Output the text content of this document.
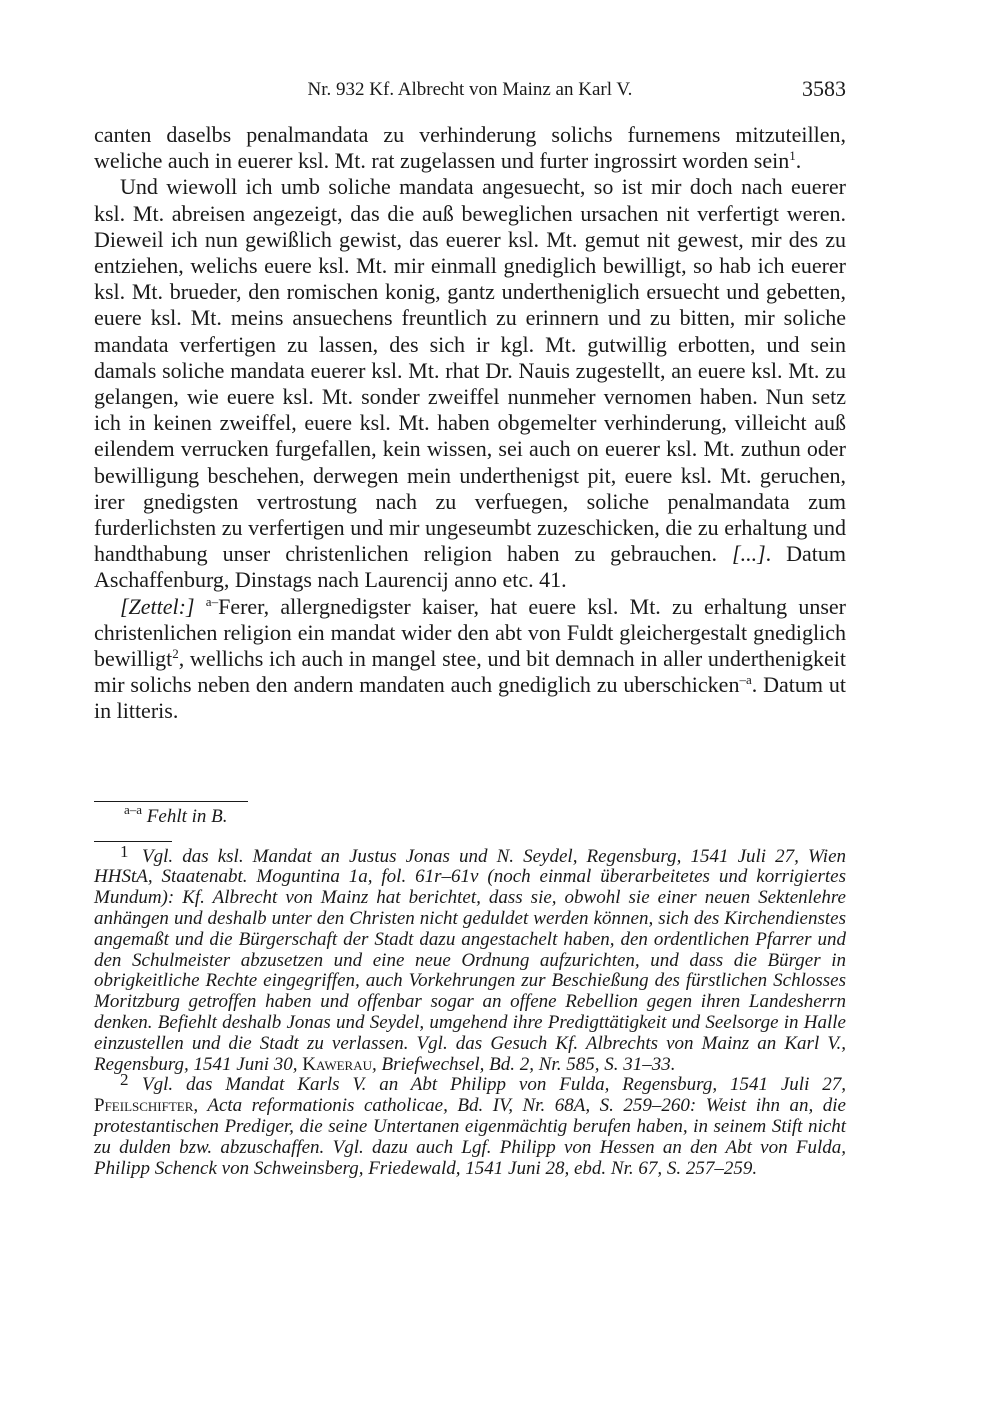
Nr. 932 Kf. Albrecht von Mainz an Karl V.	3583

canten daselbs penalmandata zu verhinderung solichs furnemens mitzuteillen, weliche auch in euerer ksl. Mt. rat zugelassen und furter ingrossirt worden sein$^1$.

Und wiewoll ich umb soliche mandata angesuecht, so ist mir doch nach euerer ksl. Mt. abreisen angezeigt, das die auß beweglichen ursachen nit verfertigt weren. Dieweil ich nun gewißlich gewist, das euerer ksl. Mt. gemut nit gewest, mir des zu entziehen, welichs euere ksl. Mt. mir einmall gnediglich bewilligt, so hab ich euerer ksl. Mt. brueder, den romischen konig, gantz undertheniglich ersuecht und gebetten, euere ksl. Mt. meins ansuechens freuntlich zu erinnern und zu bitten, mir soliche mandata verfertigen zu lassen, des sich ir kgl. Mt. gutwillig erbotten, und sein damals soliche mandata euerer ksl. Mt. rhat Dr. Nauis zugestellt, an euere ksl. Mt. zu gelangen, wie euere ksl. Mt. sonder zweiffel nunmeher vernomen haben. Nun setz ich in keinen zweiffel, euere ksl. Mt. haben obgemelter verhinderung, villeicht auß eilendem verrucken furgefallen, kein wissen, sei auch on euerer ksl. Mt. zuthun oder bewilligung beschehen, derwegen mein underthenigst pit, euere ksl. Mt. geruchen, irer gnedigsten vertrostung nach zu verfuegen, soliche penalmandata zum furderlichsten zu verfertigen und mir ungeseumbt zuzeschicken, die zu erhaltung und handthabung unser christenlichen religion haben zu gebrauchen. [...]. Datum Aschaffenburg, Dinstags nach Laurencij anno etc. 41.

[Zettel:] $^{a-}$Ferer, allergnedigster kaiser, hat euere ksl. Mt. zu erhaltung unser christenlichen religion ein mandat wider den abt von Fuldt gleichergestalt gnediglich bewilligt$^2$, wellichs ich auch in mangel stee, und bit demnach in aller underthenigkeit mir solichs neben den andern mandaten auch gnediglich zu uberschicken$^{-a}$. Datum ut in litteris.

$^{a-a}$ Fehlt in B.

1 Vgl. das ksl. Mandat an Justus Jonas und N. Seydel, Regensburg, 1541 Juli 27, Wien HHStA, Staatenabt. Moguntina 1a, fol. 61r–61v (noch einmal überarbeitetes und korrigiertes Mundum): Kf. Albrecht von Mainz hat berichtet, dass sie, obwohl sie einer neuen Sektenlehre anhängen und deshalb unter den Christen nicht geduldet werden können, sich des Kirchendienstes angemaßt und die Bürgerschaft der Stadt dazu angestachelt haben, den ordentlichen Pfarrer und den Schulmeister abzusetzen und eine neue Ordnung aufzurichten, und dass die Bürger in obrigkeitliche Rechte eingegriffen, auch Vorkehrungen zur Beschießung des fürstlichen Schlosses Moritzburg getroffen haben und offenbar sogar an offene Rebellion gegen ihren Landesherrn denken. Befiehlt deshalb Jonas und Seydel, umgehend ihre Predigttätigkeit und Seelsorge in Halle einzustellen und die Stadt zu verlassen. Vgl. das Gesuch Kf. Albrechts von Mainz an Karl V., Regensburg, 1541 Juni 30, Kawerau, Briefwechsel, Bd. 2, Nr. 585, S. 31–33.

2 Vgl. das Mandat Karls V. an Abt Philipp von Fulda, Regensburg, 1541 Juli 27, Pfeilschifter, Acta reformationis catholicae, Bd. IV, Nr. 68A, S. 259–260: Weist ihn an, die protestantischen Prediger, die seine Untertanen eigenmächtig berufen haben, in seinem Stift nicht zu dulden bzw. abzuschaffen. Vgl. dazu auch Lgf. Philipp von Hessen an den Abt von Fulda, Philipp Schenck von Schweinsberg, Friedewald, 1541 Juni 28, ebd. Nr. 67, S. 257–259.
